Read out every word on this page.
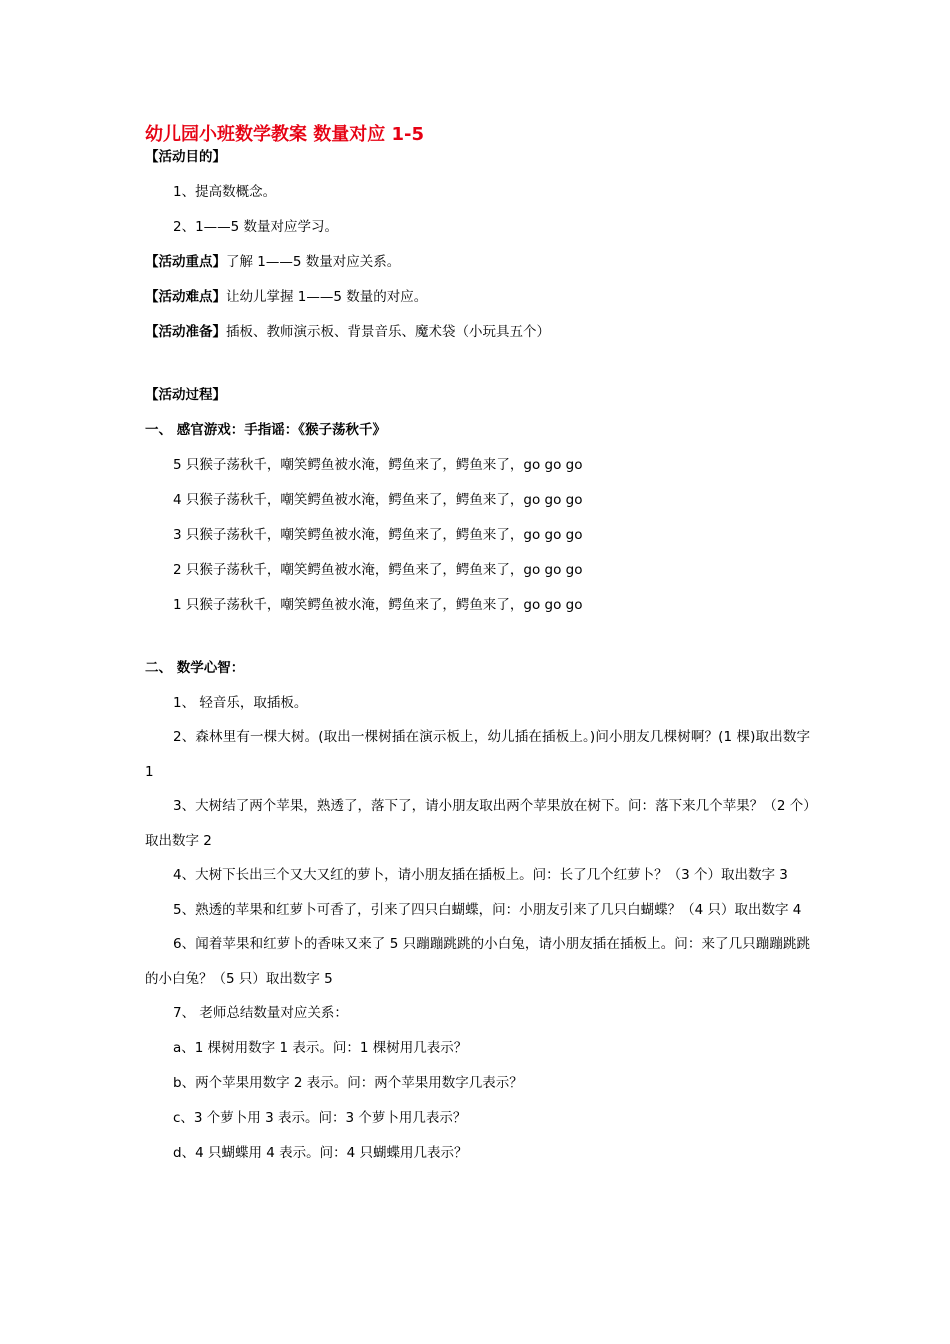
幼儿园小班数学教案 数量对应 1-5

【活动目的】

1、提高数概念。

2、1——5 数量对应学习。

【活动重点】了解 1——5 数量对应关系。

【活动难点】让幼儿掌握 1——5 数量的对应。

【活动准备】插板、教师演示板、背景音乐、魔术袋（小玩具五个）

【活动过程】

一、 感官游戏：手指谣：《猴子荡秋千》

5 只猴子荡秋千，嘲笑鳄鱼被水淹，鳄鱼来了，鳄鱼来了，go go go

4 只猴子荡秋千，嘲笑鳄鱼被水淹，鳄鱼来了，鳄鱼来了，go go go

3 只猴子荡秋千，嘲笑鳄鱼被水淹，鳄鱼来了，鳄鱼来了，go go go

2 只猴子荡秋千，嘲笑鳄鱼被水淹，鳄鱼来了，鳄鱼来了，go go go

1 只猴子荡秋千，嘲笑鳄鱼被水淹，鳄鱼来了，鳄鱼来了，go go go

二、 数学心智：

1、 轻音乐，取插板。

2、森林里有一棵大树。(取出一棵树插在演示板上，幼儿插在插板上。)问小朋友几棵树啊？(1 棵)取出数字 1

3、大树结了两个苹果，熟透了，落下了，请小朋友取出两个苹果放在树下。问：落下来几个苹果？（2 个）取出数字 2

4、大树下长出三个又大又红的萝卜，请小朋友插在插板上。问：长了几个红萝卜？（3 个）取出数字 3

5、熟透的苹果和红萝卜可香了，引来了四只白蝴蝶，问：小朋友引来了几只白蝴蝶？（4 只）取出数字 4

6、闻着苹果和红萝卜的香味又来了 5 只蹦蹦跳跳的小白兔，请小朋友插在插板上。问：来了几只蹦蹦跳跳的小白兔？（5 只）取出数字 5

7、 老师总结数量对应关系：

a、1 棵树用数字 1 表示。问：1 棵树用几表示？

b、两个苹果用数字 2 表示。问：两个苹果用数字几表示？

c、3 个萝卜用 3 表示。问：3 个萝卜用几表示？

d、4 只蝴蝶用 4 表示。问：4 只蝴蝶用几表示？
